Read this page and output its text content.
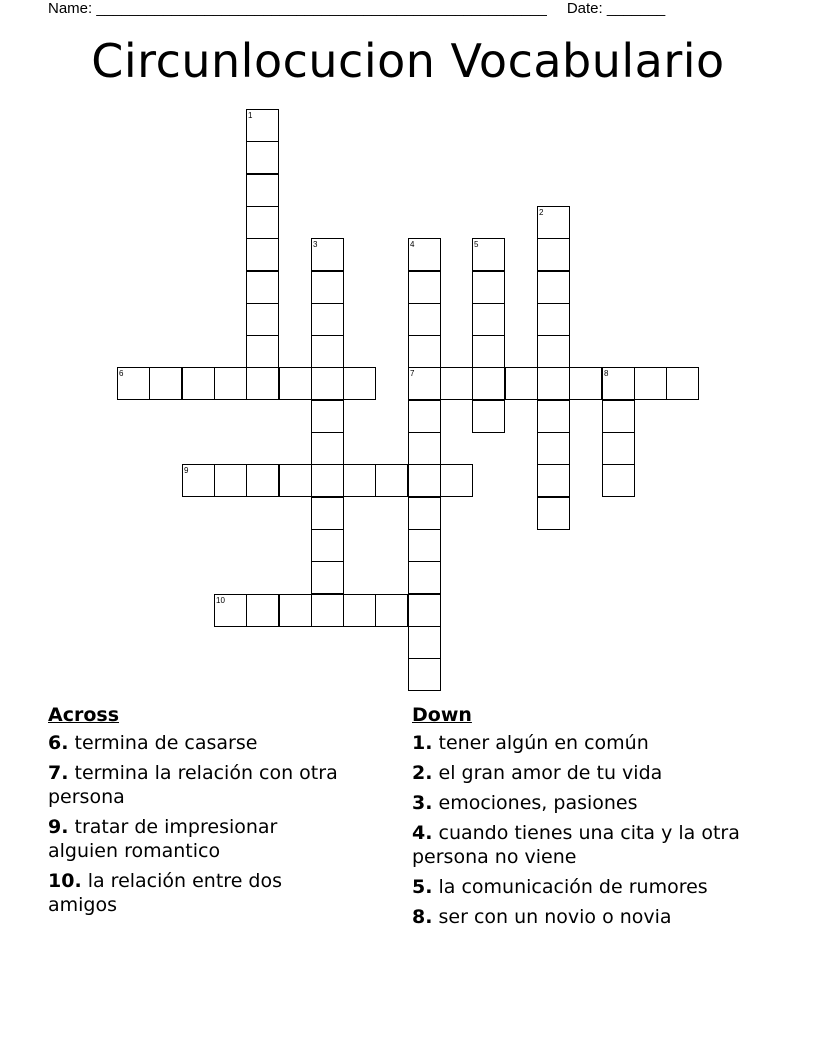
Name: ______________________________________________________ Date: _______
Circunlocucion Vocabulario
1
2
3	4
7
5
6	8
9
10
Across
6. termina de casarse
7. termina la relación con otra persona
9. tratar de impresionar alguien romantico
10. la relación entre dos amigos
Down
1. tener algún en común
2. el gran amor de tu vida
3. emociones, pasiones
4. cuando tienes una cita y la otra persona no viene
5. la comunicación de rumores
8. ser con un novio o novia
